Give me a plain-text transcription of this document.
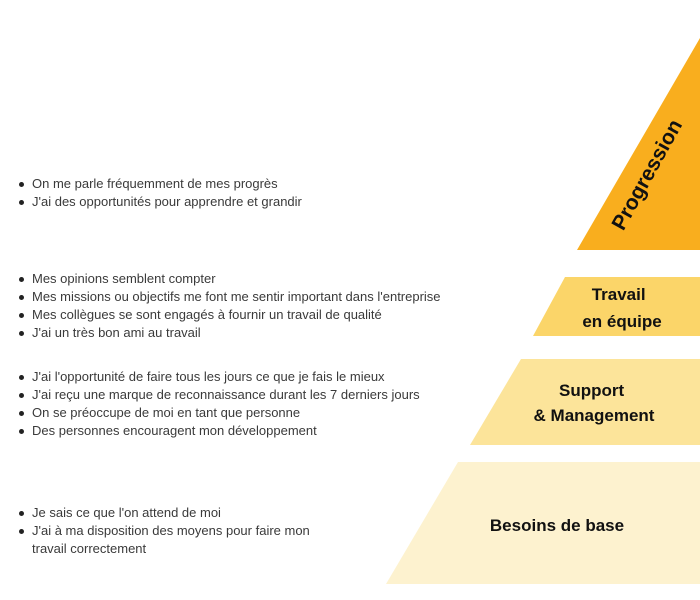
Progression
Travail en équipe
Support & Management
Besoins de base
On me parle fréquemment de mes progrès
J'ai des opportunités pour apprendre et grandir
Mes opinions semblent compter
Mes missions ou objectifs me font me sentir important dans l'entreprise
Mes collègues se sont engagés à fournir un travail de qualité
J'ai un très bon ami au travail
J'ai l'opportunité de faire tous les jours ce que je fais le mieux
J'ai reçu une marque de reconnaissance durant les 7 derniers jours
On se préoccupe de moi en tant que personne
Des personnes encouragent mon développement
Je sais ce que l'on attend de moi
J'ai à ma disposition des moyens pour faire mon travail correctement
